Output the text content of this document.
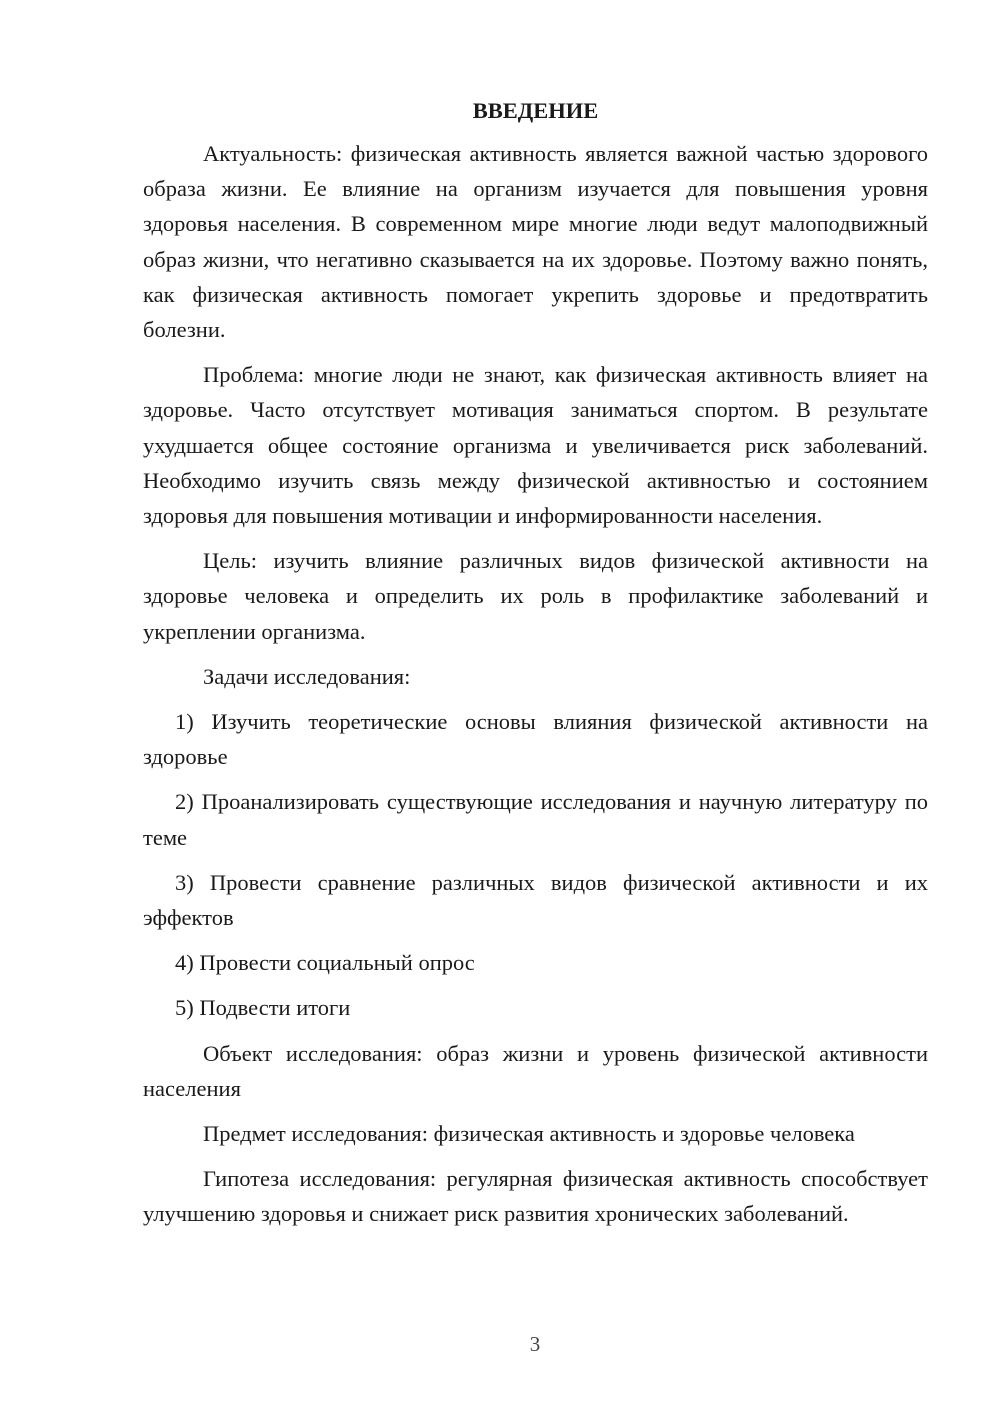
ВВЕДЕНИЕ

Актуальность: физическая активность является важной частью здорового образа жизни. Ее влияние на организм изучается для повышения уровня здоровья населения. В современном мире многие люди ведут малоподвижный образ жизни, что негативно сказывается на их здоровье. Поэтому важно понять, как физическая активность помогает укрепить здоровье и предотвратить болезни.

Проблема: многие люди не знают, как физическая активность влияет на здоровье. Часто отсутствует мотивация заниматься спортом. В результате ухудшается общее состояние организма и увеличивается риск заболеваний. Необходимо изучить связь между физической активностью и состоянием здоровья для повышения мотивации и информированности населения.

Цель: изучить влияние различных видов физической активности на здоровье человека и определить их роль в профилактике заболеваний и укреплении организма.

Задачи исследования:

1) Изучить теоретические основы влияния физической активности на здоровье

2) Проанализировать существующие исследования и научную литературу по теме

3) Провести сравнение различных видов физической активности и их эффектов

4) Провести социальный опрос

5) Подвести итоги

Объект исследования: образ жизни и уровень физической активности населения

Предмет исследования: физическая активность и здоровье человека

Гипотеза исследования: регулярная физическая активность способствует улучшению здоровья и снижает риск развития хронических заболеваний.

3
